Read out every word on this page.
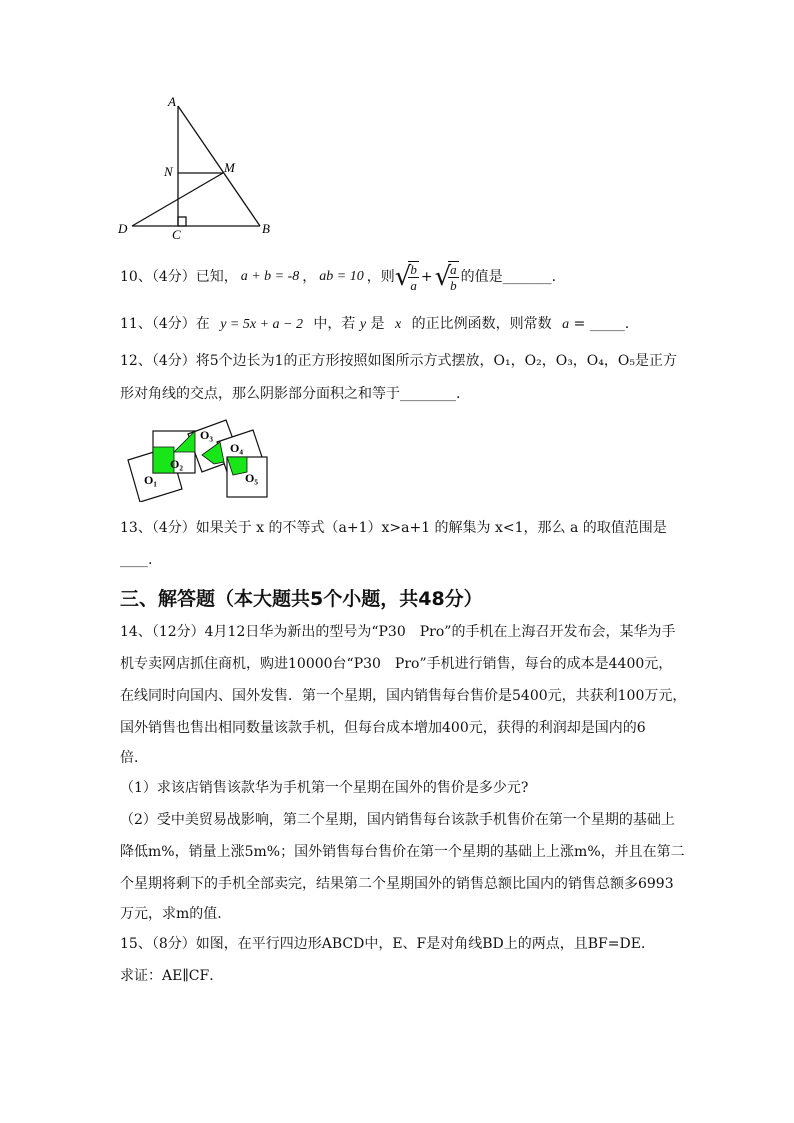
A
N	M
D	C	B
10、（4分）已知， a + b = -8 ， ab = 10 ，则 √
$\frac{b}{a}$ + √
$\frac{a}{b}$ 的值是_______.
11、（4分）在 y = 5x + a − 2 中，若 y 是 x 的正比例函数，则常数 a = _____.
12、（4分）将5个边长为1的正方形按照如图所示方式摆放，O₁，O₂，O₃，O₄，O₅是正方
形对角线的交点，那么阴影部分面积之和等于________.
O₁
O₂
O₃
O₄
O₅
13、（4分）如果关于 x 的不等式（a+1）x>a+1 的解集为 x<1，那么 a 的取值范围是
____.
三、解答题（本大题共5个小题，共48分）
14、（12分）4月12日华为新出的型号为“P30　Pro”的手机在上海召开发布会，某华为手
机专卖网店抓住商机，购进10000台“P30　Pro”手机进行销售，每台的成本是4400元，
在线同时向国内、国外发售．第一个星期，国内销售每台售价是5400元，共获利100万元，
国外销售也售出相同数量该款手机，但每台成本增加400元，获得的利润却是国内的6
倍．
（1）求该店销售该款华为手机第一个星期在国外的售价是多少元?
（2）受中美贸易战影响，第二个星期，国内销售每台该款手机售价在第一个星期的基础上
降低m%，销量上涨5m%；国外销售每台售价在第一个星期的基础上上涨m%，并且在第二
个星期将剩下的手机全部卖完，结果第二个星期国外的销售总额比国内的销售总额多6993
万元，求m的值.
15、（8分）如图，在平行四边形ABCD中，E、F是对角线BD上的两点，且BF=DE．
求证：AE∥CF．
